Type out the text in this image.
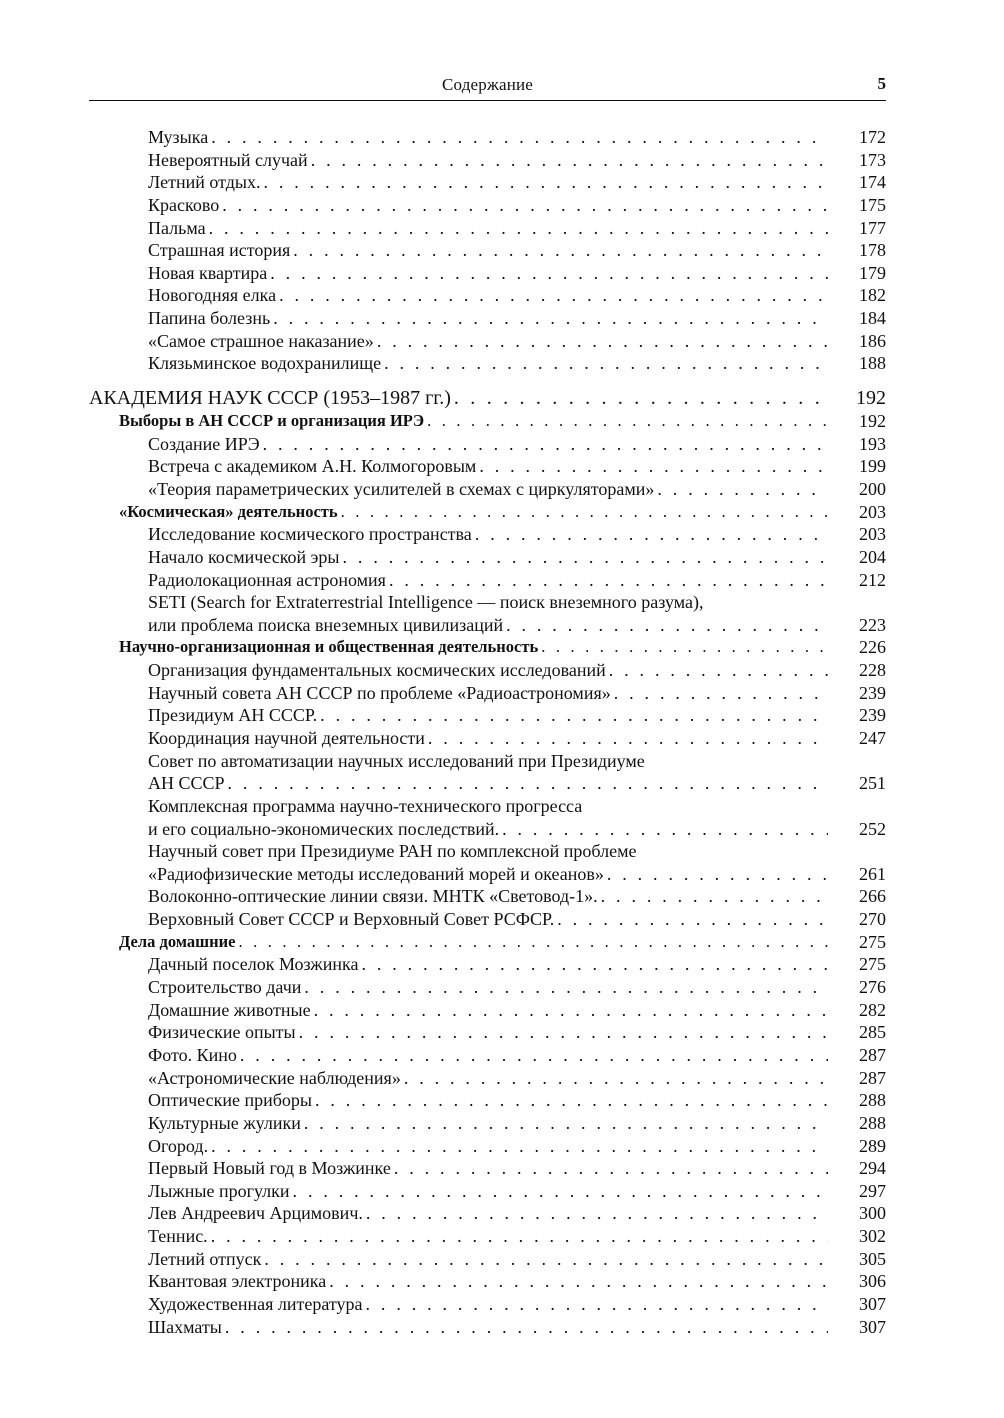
Содержание	5
Музыка . . .	172
Невероятный случай . . .	173
Летний отдых. . . .	174
Красково . . .	175
Пальма . . .	177
Страшная история . . .	178
Новая квартира . . .	179
Новогодняя елка . . .	182
Папина болезнь . . .	184
«Самое страшное наказание» . . .	186
Клязьминское водохранилище . . .	188
АКАДЕМИЯ НАУК СССР (1953–1987 гг.) . . .	192
Выборы в АН СССР и организация ИРЭ . . .	192
Создание ИРЭ . . .	193
Встреча с академиком А.Н. Колмогоровым . . .	199
«Теория параметрических усилителей в схемах с циркуляторами» . . .	200
«Космическая» деятельность . . .	203
Исследование космического пространства . . .	203
Начало космической эры . . .	204
Радиолокационная астрономия . . .	212
SETI (Search for Extraterrestrial Intelligence — поиск внеземного разума),
или проблема поиска внеземных цивилизаций . . .	223
Научно-организационная и общественная деятельность . . .	226
Организация фундаментальных космических исследований . . .	228
Научный совета АН СССР по проблеме «Радиоастрономия» . . .	239
Президиум АН СССР. . . .	239
Координация научной деятельности . . .	247
Совет по автоматизации научных исследований при Президиуме
АН СССР . . .	251
Комплексная программа научно-технического прогресса
и его социально-экономических последствий. . . .	252
Научный совет при Президиуме РАН по комплексной проблеме
«Радиофизические методы исследований морей и океанов» . . .	261
Волоконно-оптические линии связи. МНТК «Световод-1». . . .	266
Верховный Совет СССР и Верховный Совет РСФСР. . . .	270
Дела домашние . . .	275
Дачный поселок Мозжинка . . .	275
Строительство дачи . . .	276
Домашние животные . . .	282
Физические опыты . . .	285
Фото. Кино . . .	287
«Астрономические наблюдения» . . .	287
Оптические приборы . . .	288
Культурные жулики . . .	288
Огород. . . .	289
Первый Новый год в Мозжинке . . .	294
Лыжные прогулки . . .	297
Лев Андреевич Арцимович. . . .	300
Теннис. . . .	302
Летний отпуск . . .	305
Квантовая электроника . . .	306
Художественная литература . . .	307
Шахматы . . .	307
